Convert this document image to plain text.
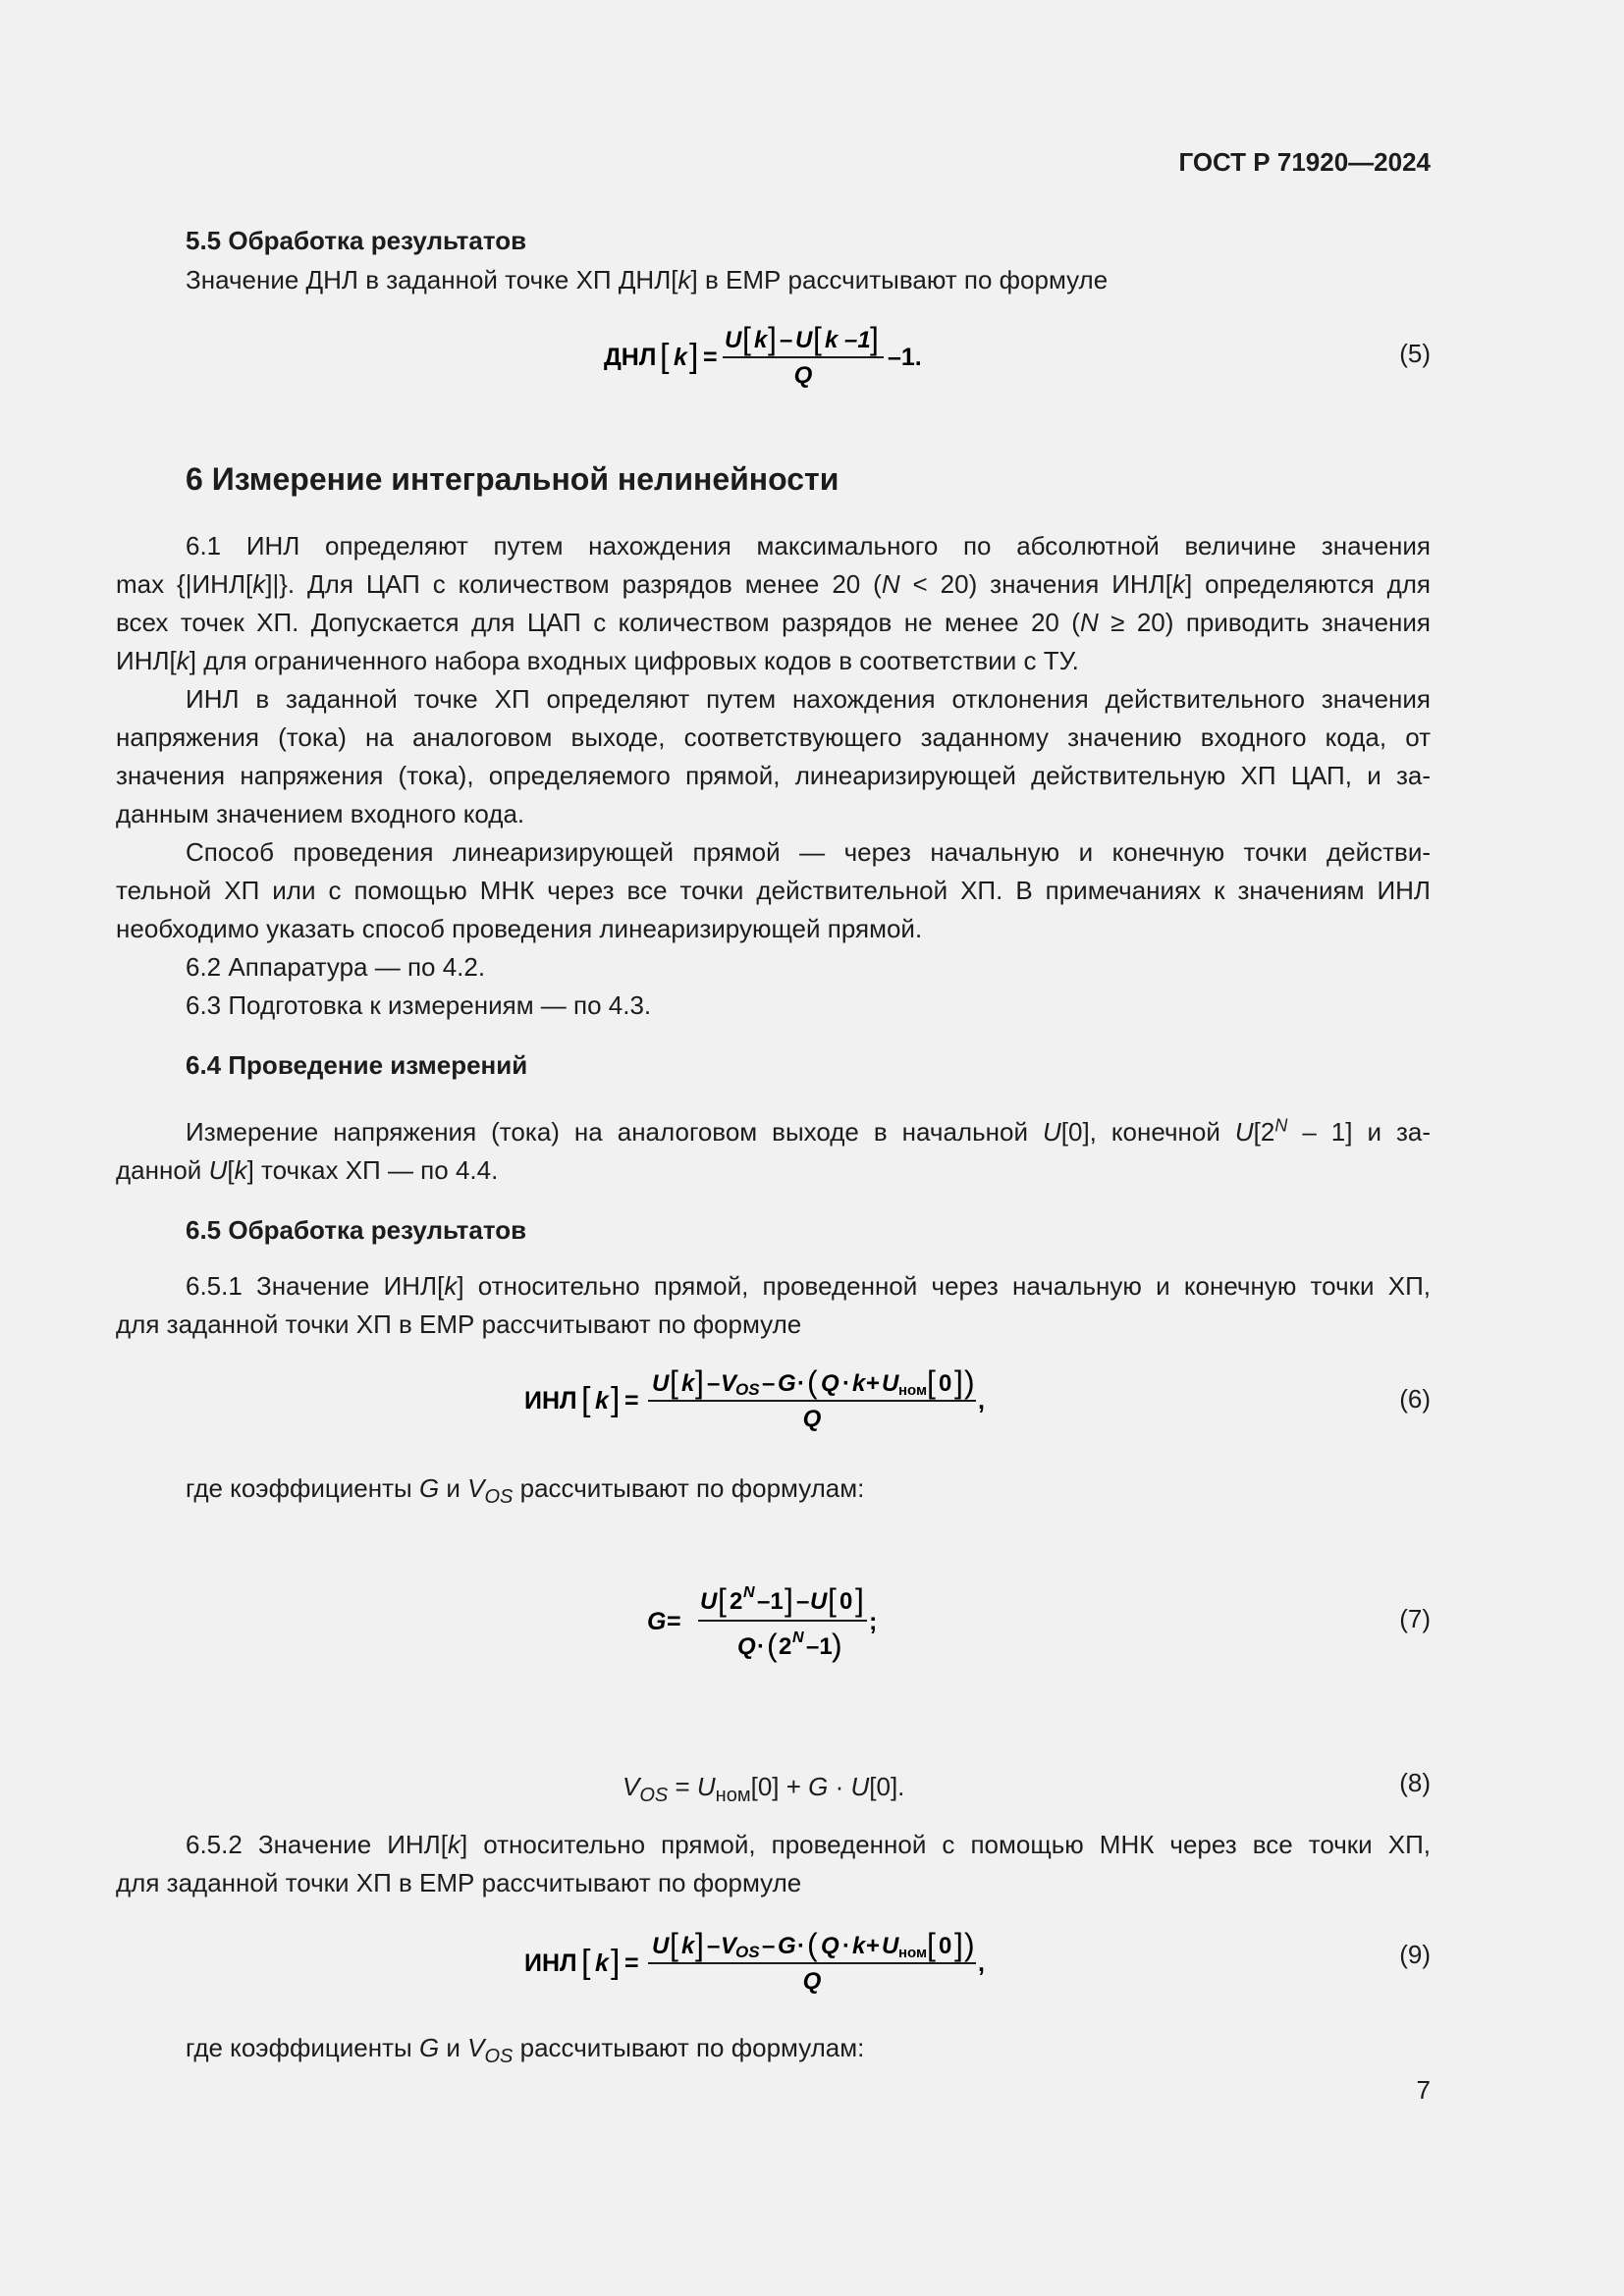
ГОСТ Р 71920—2024
5.5 Обработка результатов
Значение ДНЛ в заданной точке ХП ДНЛ[k] в ЕМР рассчитывают по формуле
ДНЛ [ k ] =
U [ k ] – U [ k –1 ]
Q
–1.	(5)
6 Измерение интегральной нелинейности
6.1 ИНЛ определяют путем нахождения максимального по абсолютной величине значения
max {|ИНЛ[k]|}. Для ЦАП с количеством разрядов менее 20 (N < 20) значения ИНЛ[k] определяются для
всех точек ХП. Допускается для ЦАП с количеством разрядов не менее 20 (N ≥ 20) приводить значения
ИНЛ[k] для ограниченного набора входных цифровых кодов в соответствии с ТУ.
ИНЛ в заданной точке ХП определяют путем нахождения отклонения действительного значения
напряжения (тока) на аналоговом выходе, соответствующего заданному значению входного кода, от
значения напряжения (тока), определяемого прямой, линеаризирующей действительную ХП ЦАП, и за-
данным значением входного кода.
Способ проведения линеаризирующей прямой — через начальную и конечную точки действи-
тельной ХП или с помощью МНК через все точки действительной ХП. В примечаниях к значениям ИНЛ
необходимо указать способ проведения линеаризирующей прямой.
6.2 Аппаратура — по 4.2.
6.3 Подготовка к измерениям — по 4.3.
6.4 Проведение измерений
Измерение напряжения (тока) на аналоговом выходе в начальной U[0], конечной $U[2^N - 1]$ и за-
данной U[k] точках ХП — по 4.4.
6.5 Обработка результатов
6.5.1 Значение ИНЛ[k] относительно прямой, проведенной через начальную и конечную точки ХП,
для заданной точки ХП в ЕМР рассчитывают по формуле
ИНЛ [ k ] =
U [ k ] – V
OS – G · ( Q · k + U ном [ 0 ] )
Q
,	(6)
где коэффициенты G и $V_{OS}$ рассчитывают по формулам:
G =
U [ 2 N –1 ] – U [ 0 ]
Q · ( 2 N –1 )
;	(7)
$V_{OS} = U_{ном}[0] + G \cdot U[0]$.	(8)
6.5.2 Значение ИНЛ[k] относительно прямой, проведенной с помощью МНК через все точки ХП,
для заданной точки ХП в ЕМР рассчитывают по формуле
ИНЛ [ k ] =
U [ k ] – V
OS – G · ( Q · k + U ном [ 0 ] )
Q
,	(9)
где коэффициенты G и $V_{OS}$ рассчитывают по формулам:
7
